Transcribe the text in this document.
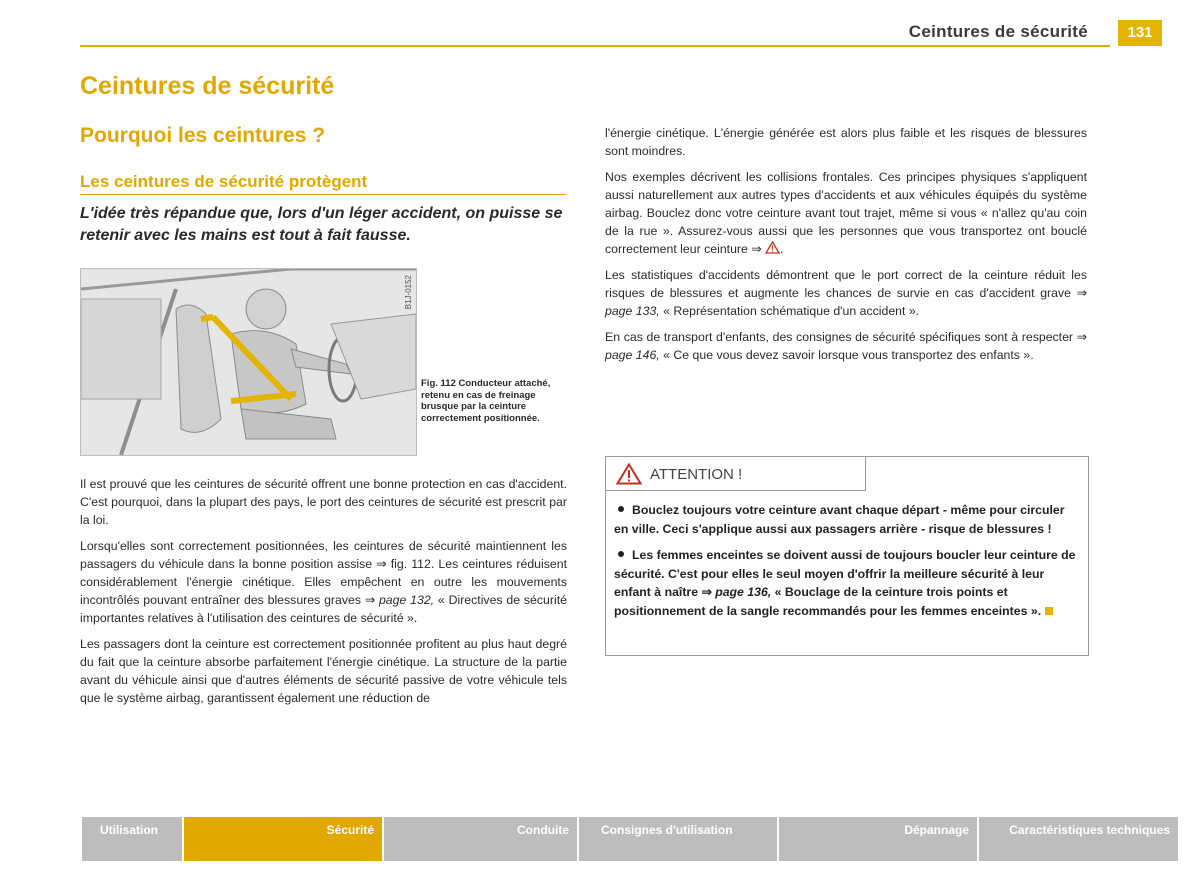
Ceintures de sécurité	131
Ceintures de sécurité
Pourquoi les ceintures ?
Les ceintures de sécurité protègent
L'idée très répandue que, lors d'un léger accident, on puisse se retenir avec les mains est tout à fait fausse.
B1J-0152
Fig. 112 Conducteur attaché, retenu en cas de freinage brusque par la ceinture correctement positionnée.

Il est prouvé que les ceintures de sécurité offrent une bonne protection en cas d'accident. C'est pourquoi, dans la plupart des pays, le port des ceintures de sécurité est prescrit par la loi.

Lorsqu'elles sont correctement positionnées, les ceintures de sécurité maintiennent les passagers du véhicule dans la bonne position assise ⇒ fig. 112. Les ceintures réduisent considérablement l'énergie cinétique. Elles empêchent en outre les mouvements incontrôlés pouvant entraîner des blessures graves ⇒ page 132, « Directives de sécurité importantes relatives à l'utilisation des ceintures de sécurité ».

Les passagers dont la ceinture est correctement positionnée profitent au plus haut degré du fait que la ceinture absorbe parfaitement l'énergie cinétique. La structure de la partie avant du véhicule ainsi que d'autres éléments de sécurité passive de votre véhicule tels que le système airbag, garantissent également une réduction de

l'énergie cinétique. L'énergie générée est alors plus faible et les risques de blessures sont moindres.

Nos exemples décrivent les collisions frontales. Ces principes physiques s'appliquent aussi naturellement aux autres types d'accidents et aux véhicules équipés du système airbag. Bouclez donc votre ceinture avant tout trajet, même si vous « n'allez qu'au coin de la rue ». Assurez-vous aussi que les personnes que vous transportez ont bouclé correctement leur ceinture ⇒ .

Les statistiques d'accidents démontrent que le port correct de la ceinture réduit les risques de blessures et augmente les chances de survie en cas d'accident grave ⇒ page 133, « Représentation schématique d'un accident ».

En cas de transport d'enfants, des consignes de sécurité spécifiques sont à respecter ⇒ page 146, « Ce que vous devez savoir lorsque vous transportez des enfants ».

ATTENTION !

Bouclez toujours votre ceinture avant chaque départ - même pour circuler en ville. Ceci s'applique aussi aux passagers arrière - risque de blessures !

Les femmes enceintes se doivent aussi de toujours boucler leur ceinture de sécurité. C'est pour elles le seul moyen d'offrir la meilleure sécurité à leur enfant à naître ⇒ page 136, « Bouclage de la ceinture trois points et positionnement de la sangle recommandés pour les femmes enceintes ».

Utilisation	Sécurité	Conduite	Consignes d'utilisation	Dépannage	Caractéristiques techniques
